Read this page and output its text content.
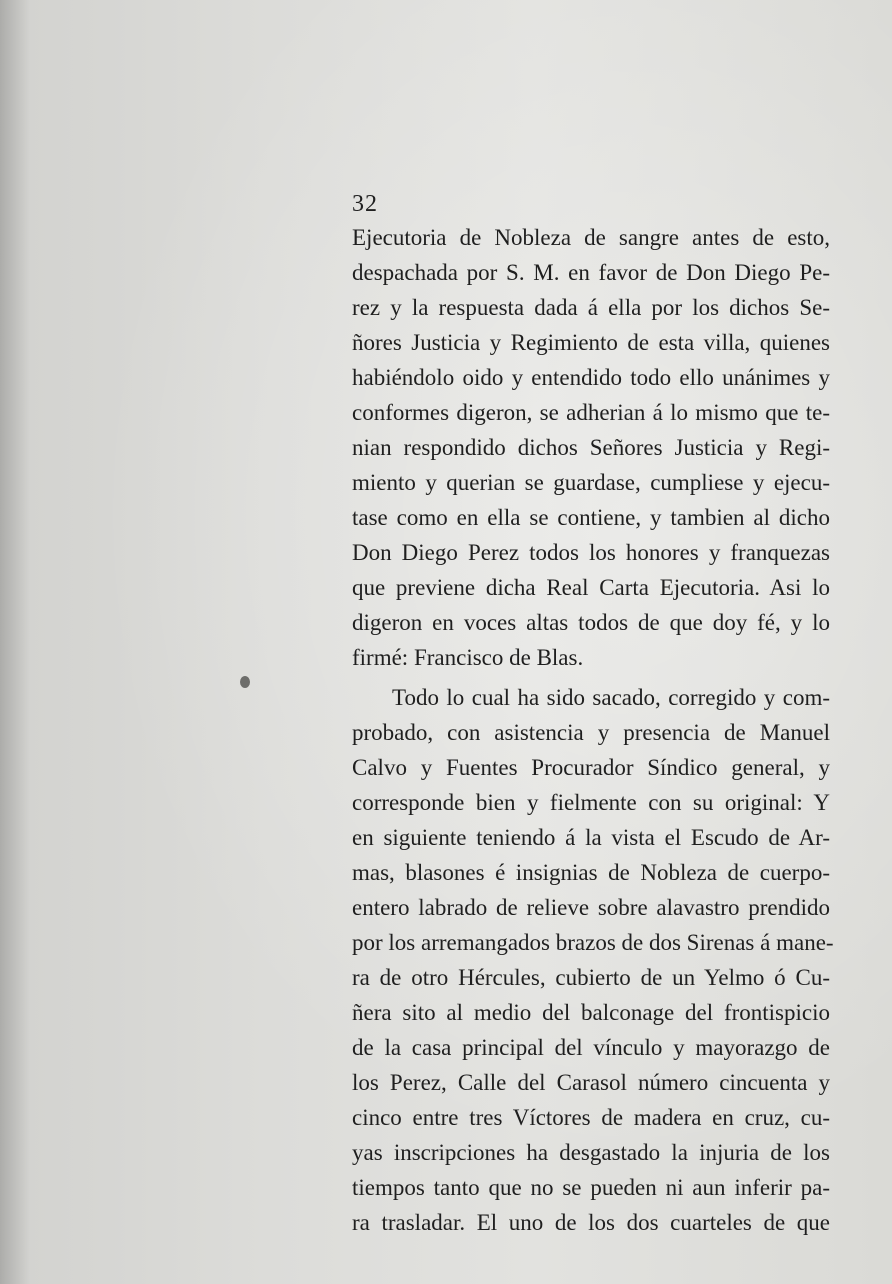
32
Ejecutoria de Nobleza de sangre antes de esto,
despachada por S. M. en favor de Don Diego Pe-
rez y la respuesta dada á ella por los dichos Se-
ñores Justicia y Regimiento de esta villa, quienes
habiéndolo oido y entendido todo ello unánimes y
conformes digeron, se adherian á lo mismo que te-
nian respondido dichos Señores Justicia y Regi-
miento y querian se guardase, cumpliese y ejecu-
tase como en ella se contiene, y tambien al dicho
Don Diego Perez todos los honores y franquezas
que previene dicha Real Carta Ejecutoria. Asi lo
digeron en voces altas todos de que doy fé, y lo
firmé: Francisco de Blas.
Todo lo cual ha sido sacado, corregido y com-
probado, con asistencia y presencia de Manuel
Calvo y Fuentes Procurador Síndico general, y
corresponde bien y fielmente con su original: Y
en siguiente teniendo á la vista el Escudo de Ar-
mas, blasones é insignias de Nobleza de cuerpo-
entero labrado de relieve sobre alavastro prendido
por los arremangados brazos de dos Sirenas á mane-
ra de otro Hércules, cubierto de un Yelmo ó Cu-
ñera sito al medio del balconage del frontispicio
de la casa principal del vínculo y mayorazgo de
los Perez, Calle del Carasol número cincuenta y
cinco entre tres Víctores de madera en cruz, cu-
yas inscripciones ha desgastado la injuria de los
tiempos tanto que no se pueden ni aun inferir pa-
ra trasladar. El uno de los dos cuarteles de que
